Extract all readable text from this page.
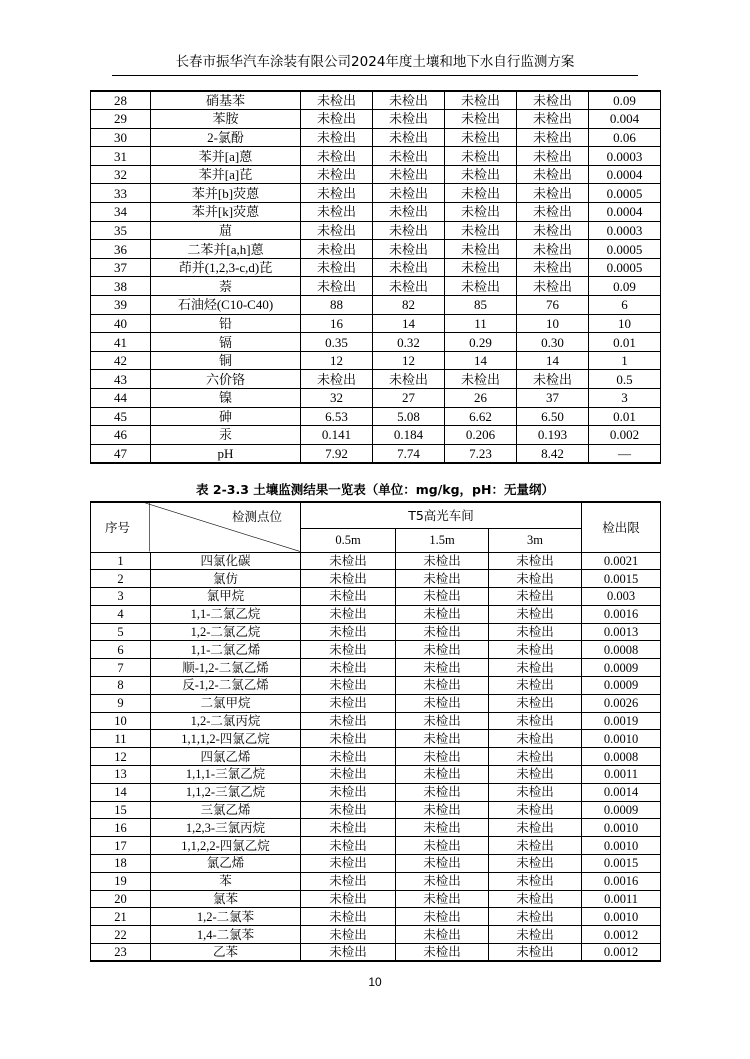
长春市振华汽车涂装有限公司2024年度土壤和地下水自行监测方案
28	硝基苯	未检出	未检出	未检出	未检出	0.09
29	苯胺	未检出	未检出	未检出	未检出	0.004
30	2-氯酚	未检出	未检出	未检出	未检出	0.06
31	苯并[a]蒽	未检出	未检出	未检出	未检出	0.0003
32	苯并[a]芘	未检出	未检出	未检出	未检出	0.0004
33	苯并[b]荧蒽	未检出	未检出	未检出	未检出	0.0005
34	苯并[k]荧蒽	未检出	未检出	未检出	未检出	0.0004
35	䓛	未检出	未检出	未检出	未检出	0.0003
36	二苯并[a,h]蒽	未检出	未检出	未检出	未检出	0.0005
37	茚并(1,2,3-c,d)芘	未检出	未检出	未检出	未检出	0.0005
38	萘	未检出	未检出	未检出	未检出	0.09
39	石油烃(C10-C40)	88	82	85	76	6
40	铅	16	14	11	10	10
41	镉	0.35	0.32	0.29	0.30	0.01
42	铜	12	12	14	14	1
43	六价铬	未检出	未检出	未检出	未检出	0.5
44	镍	32	27	26	37	3
45	砷	6.53	5.08	6.62	6.50	0.01
46	汞	0.141	0.184	0.206	0.193	0.002
47	pH	7.92	7.74	7.23	8.42	—
表 2-3.3 土壤监测结果一览表（单位：mg/kg，pH：无量纲）
检测点位
序号		T5高光车间			检出限
		0.5m	1.5m	3m	
1	四氯化碳	未检出	未检出	未检出	0.0021
2	氯仿	未检出	未检出	未检出	0.0015
3	氯甲烷	未检出	未检出	未检出	0.003
4	1,1-二氯乙烷	未检出	未检出	未检出	0.0016
5	1,2-二氯乙烷	未检出	未检出	未检出	0.0013
6	1,1-二氯乙烯	未检出	未检出	未检出	0.0008
7	顺-1,2-二氯乙烯	未检出	未检出	未检出	0.0009
8	反-1,2-二氯乙烯	未检出	未检出	未检出	0.0009
9	二氯甲烷	未检出	未检出	未检出	0.0026
10	1,2-二氯丙烷	未检出	未检出	未检出	0.0019
11	1,1,1,2-四氯乙烷	未检出	未检出	未检出	0.0010
12	四氯乙烯	未检出	未检出	未检出	0.0008
13	1,1,1-三氯乙烷	未检出	未检出	未检出	0.0011
14	1,1,2-三氯乙烷	未检出	未检出	未检出	0.0014
15	三氯乙烯	未检出	未检出	未检出	0.0009
16	1,2,3-三氯丙烷	未检出	未检出	未检出	0.0010
17	1,1,2,2-四氯乙烷	未检出	未检出	未检出	0.0010
18	氯乙烯	未检出	未检出	未检出	0.0015
19	苯	未检出	未检出	未检出	0.0016
20	氯苯	未检出	未检出	未检出	0.0011
21	1,2-二氯苯	未检出	未检出	未检出	0.0010
22	1,4-二氯苯	未检出	未检出	未检出	0.0012
23	乙苯	未检出	未检出	未检出	0.0012
10
